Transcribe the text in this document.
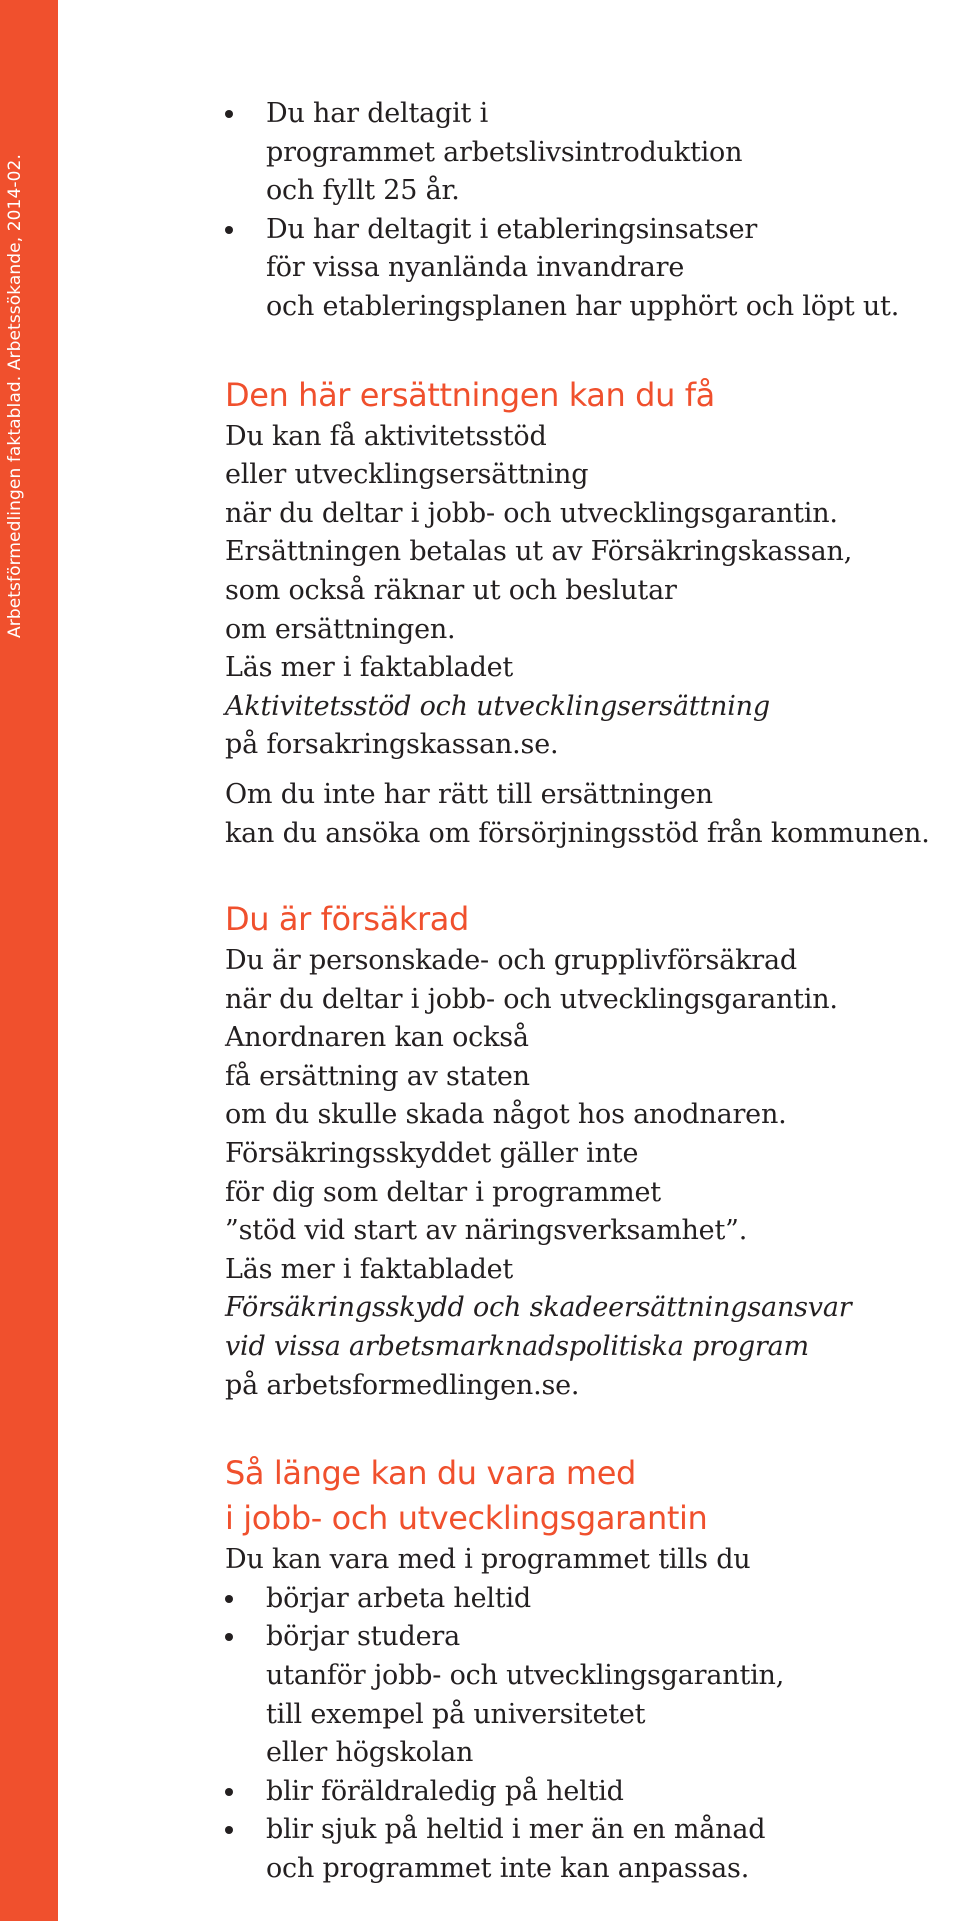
Arbetsförmedlingen faktablad. Arbetssökande, 2014-02.
Du har deltagit i
programmet arbetslivsintroduktion
och fyllt 25 år.
Du har deltagit i etableringsinsatser
för vissa nyanlända invandrare
och etableringsplanen har upphört och löpt ut.
Den här ersättningen kan du få
Du kan få aktivitetsstöd
eller utvecklingsersättning
när du deltar i jobb- och utvecklingsgarantin.
Ersättningen betalas ut av Försäkringskassan,
som också räknar ut och beslutar
om ersättningen.
Läs mer i faktabladet
Aktivitetsstöd och utvecklingsersättning
på forsakringskassan.se.
Om du inte har rätt till ersättningen
kan du ansöka om försörjningsstöd från kommunen.
Du är försäkrad
Du är personskade- och grupplivförsäkrad
när du deltar i jobb- och utvecklingsgarantin.
Anordnaren kan också
få ersättning av staten
om du skulle skada något hos anodnaren.
Försäkringsskyddet gäller inte
för dig som deltar i programmet
”stöd vid start av näringsverksamhet”.
Läs mer i faktabladet
Försäkringsskydd och skadeersättningsansvar
vid vissa arbetsmarknadspolitiska program
på arbetsformedlingen.se.
Så länge kan du vara med
i jobb- och utvecklingsgarantin
Du kan vara med i programmet tills du
börjar arbeta heltid
börjar studera
utanför jobb- och utvecklingsgarantin,
till exempel på universitetet
eller högskolan
blir föräldraledig på heltid
blir sjuk på heltid i mer än en månad
och programmet inte kan anpassas.
